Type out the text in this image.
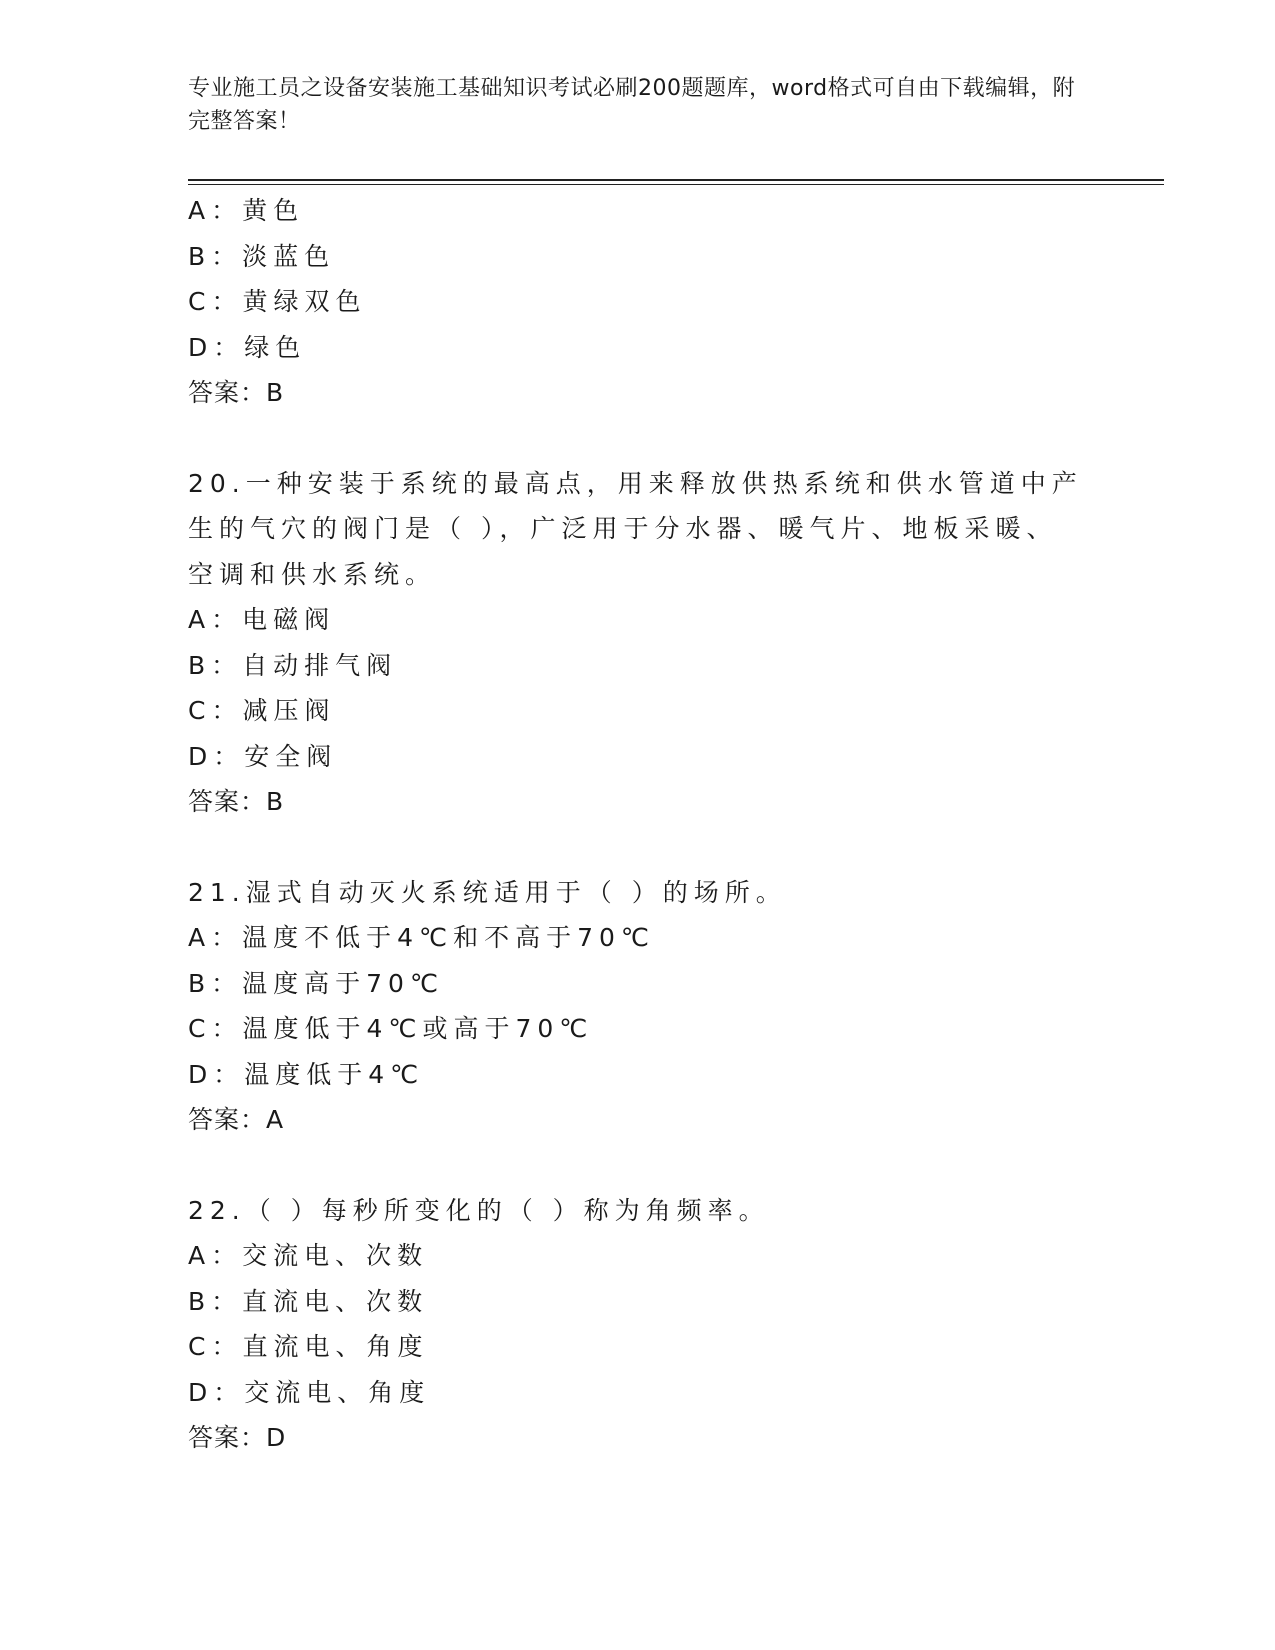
专业施工员之设备安装施工基础知识考试必刷200题题库，word格式可自由下载编辑，附完整答案！
A：黄色
B：淡蓝色
C：黄绿双色
D：绿色
答案：B
20.一种安装于系统的最高点，用来释放供热系统和供水管道中产生的气穴的阀门是（ ），广泛用于分水器、暖气片、地板采暖、空调和供水系统。
A：电磁阀
B：自动排气阀
C：减压阀
D：安全阀
答案：B
21.湿式自动灭火系统适用于（ ）的场所。
A：温度不低于4℃和不高于70℃
B：温度高于70℃
C：温度低于4℃或高于70℃
D：温度低于4℃
答案：A
22.（ ）每秒所变化的（ ）称为角频率。
A：交流电、次数
B：直流电、次数
C：直流电、角度
D：交流电、角度
答案：D
